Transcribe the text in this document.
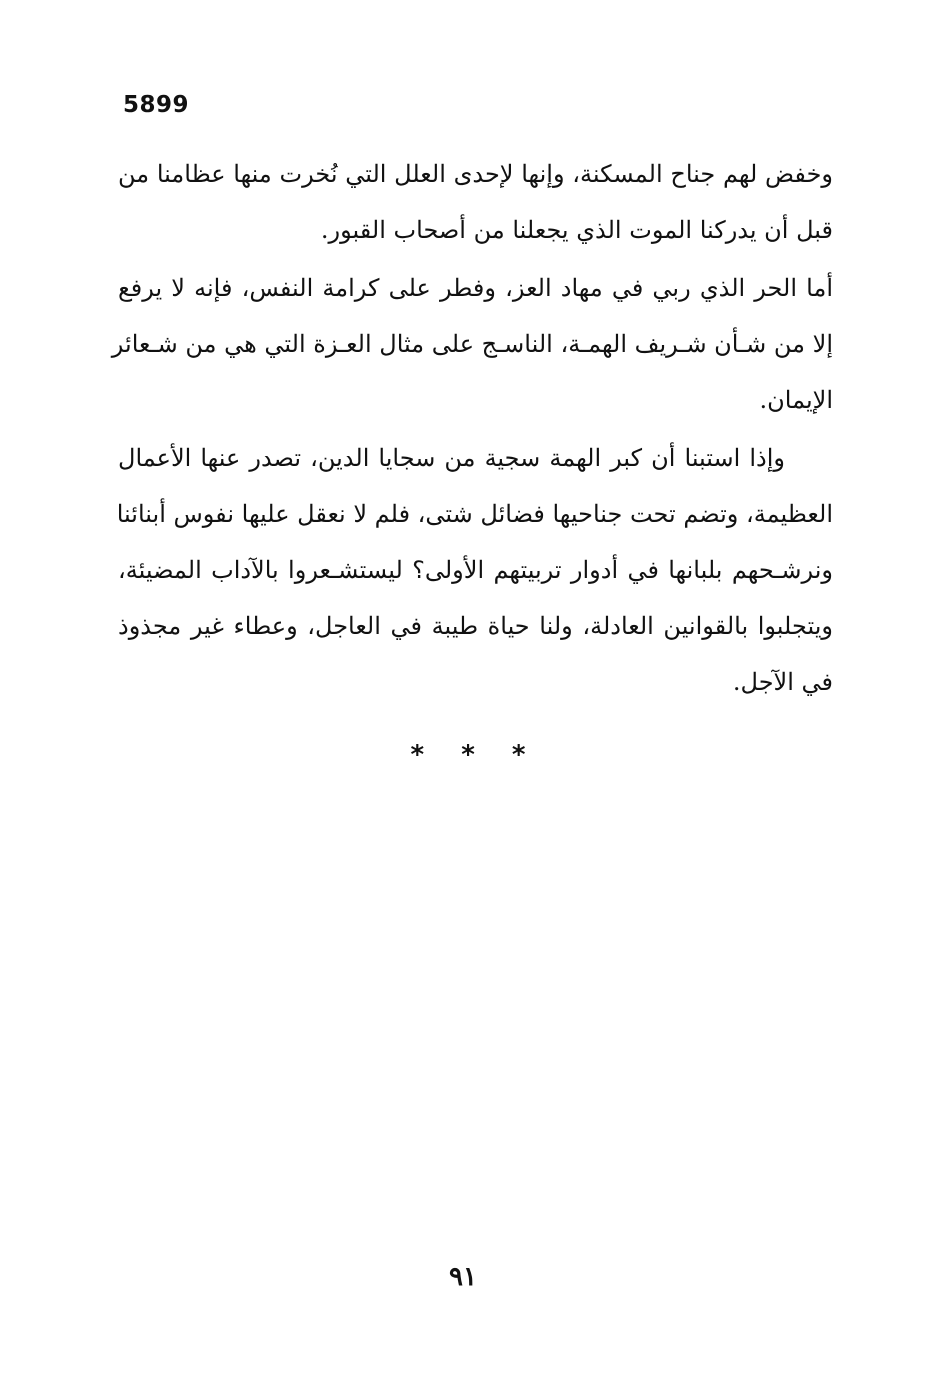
5899
وخفض لهم جناح المسكنة، وإنها لإحدى العلل التي نُخرت منها عظامنا من
قبل أن يدركنا الموت الذي يجعلنا من أصحاب القبور.
أما الحر الذي ربي في مهاد العز، وفطر على كرامة النفس، فإنه لا يرفع
إلا من شـأن شـريف الهمـة، الناسـج على مثال العـزة التي هي من شـعائر
الإيمان.
وإذا استبنا أن كبر الهمة سجية من سجايا الدين، تصدر عنها الأعمال
العظيمة، وتضم تحت جناحيها فضائل شتى، فلم لا نعقل عليها نفوس أبنائنا
ونرشـحهم بلبانها في أدوار تربيتهم الأولى؟ ليستشـعروا بالآداب المضيئة،
ويتجلبوا بالقوانين العادلة، ولنا حياة طيبة في العاجل، وعطاء غير مجذوذ
في الآجل.
* * *
٩١
